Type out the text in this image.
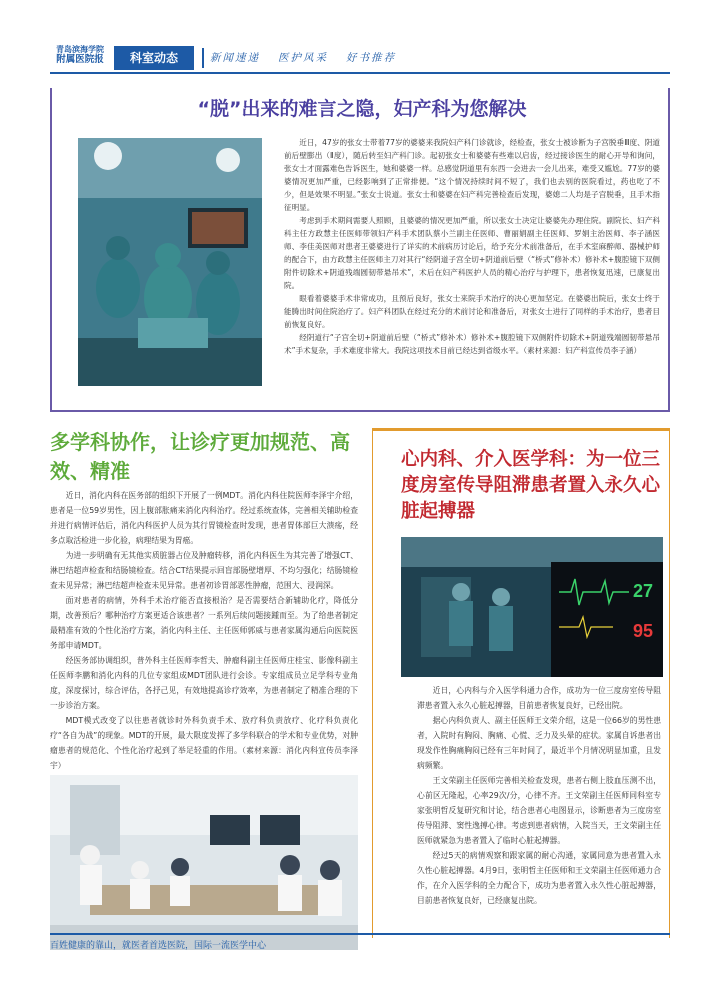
青岛滨海学院
附属医院报	科室动态	新闻速递 医护风采 好书推荐
“脱”出来的难言之隐，妇产科为您解决

近日，47岁的张女士带着77岁的婆婆来我院妇产科门诊就诊，经检查，张女士被诊断为子宫脱垂Ⅲ度、阴道前后壁膨出（Ⅱ度），随后转至妇产科门诊。起初张女士和婆婆有些难以启齿，经过接诊医生的耐心开导和询问，张女士才面露难色告诉医生，她和婆婆一样。总感觉阴道里有东西一会进去一会儿出来，难受又尴尬。77岁的婆婆情况更加严重，已经影响到了正常排便。“这个情况持续时间不短了，我们也去别的医院看过，药也吃了不少，但是效果不明显。”张女士说道。张女士和婆婆在妇产科完善检查后发现，婆媳二人均是子宫脱垂，且手术指征明显。

考虑到手术期间需要人照顾，且婆婆的情况更加严重，所以张女士决定让婆婆先办理住院。副院长、妇产科科主任方政慧主任医师带领妇产科手术团队蔡小兰副主任医师、曹丽娟副主任医师、罗娟主治医师、李子涵医师、李佳美医师对患者王婆婆进行了详实的术前病历讨论后，给予充分术前准备后，在手术室麻醉师、器械护师的配合下，由方政慧主任医师主刀对其行“经阴道子宫全切+阴道前后壁（“桥式”修补术）修补术+腹腔镜下双侧附件切除术+阴道残端圆韧带悬吊术”，术后在妇产科医护人员的精心治疗与护理下，患者恢复迅速，已康复出院。

眼看着婆婆手术非常成功，且预后良好，张女士来院手术治疗的决心更加坚定。在婆婆出院后，张女士终于能腾出时间住院治疗了。妇产科团队在经过充分的术前讨论和准备后，对张女士进行了同样的手术治疗，患者目前恢复良好。

经阴道行“子宫全切+阴道前后壁（“桥式”修补术）修补术+腹腔镜下双侧附件切除术+阴道残端圆韧带悬吊术”手术复杂，手术难度非常大。我院这项技术目前已经达到省级水平。（素材来源：妇产科宣传员李子涵）

多学科协作，让诊疗更加规范、高效、精准

近日，消化内科在医务部的组织下开展了一例MDT。消化内科住院医师李泽宇介绍，患者是一位59岁男性，因上腹部胀痛来消化内科治疗。经过系统查体，完善相关辅助检查并进行病情评估后，消化内科医护人员为其行胃镜检查时发现，患者胃体部巨大溃疡，经多点取活检进一步化验，病理结果为胃癌。

为进一步明确有无其他实质脏器占位及肿瘤转移，消化内科医生为其完善了增强CT、淋巴结超声检查和结肠镜检查。结合CT结果提示回盲部肠壁增厚、不均匀强化；结肠镜检查未见异常；淋巴结超声检查未见异常。患者初诊胃部恶性肿瘤，范围大、浸润深。

面对患者的病情，外科手术治疗能否直接根治？是否需要结合新辅助化疗，降低分期，改善预后？哪种治疗方案更适合该患者？一系列后续问题接踵而至。为了给患者制定最精准有效的个性化治疗方案，消化内科主任、主任医师郭威与患者家属沟通后向医院医务部申请MDT。

经医务部协调组织，普外科主任医师李哲夫、肿瘤科副主任医师庄桂宝、影像科副主任医师李鹏和消化内科的几位专家组成MDT团队进行会诊。专家组成员立足学科专业角度，深度探讨，综合评估，各抒己见，有效地提高诊疗效率，为患者制定了精准合理的下一步诊治方案。

MDT模式改变了以往患者就诊时外科负责手术、放疗科负责放疗、化疗科负责化疗“各自为战”的现象。MDT的开展，最大限度发挥了多学科联合的学术和专业优势，对肿瘤患者的规范化、个性化治疗起到了举足轻重的作用。（素材来源：消化内科宣传员李泽宇）

心内科、介入医学科：为一位三度房室传导阻滞患者置入永久心脏起搏器
27
95

近日，心内科与介入医学科通力合作，成功为一位三度房室传导阻滞患者置入永久心脏起搏器，目前患者恢复良好，已经出院。

据心内科负责人、副主任医师王文荣介绍，这是一位66岁的男性患者，入院时有胸闷、胸痛、心慌、乏力及头晕的症状。家属自诉患者出现发作性胸痛胸闷已经有三年时间了，最近半个月情况明显加重，且发病频繁。

王文荣副主任医师完善相关检查发现，患者右侧上肢血压测不出，心前区无隆起，心率29次/分，心律不齐。王文荣副主任医师同科室专家张明哲反复研究和讨论，结合患者心电图显示，诊断患者为三度房室传导阻滞、窦性逸搏心律。考虑到患者病情，入院当天，王文荣副主任医师就紧急为患者置入了临时心脏起搏器。

经过5天的病情观察和跟家属的耐心沟通，家属同意为患者置入永久性心脏起搏器。4月9日，张明哲主任医师和王文荣副主任医师通力合作，在介入医学科的全力配合下，成功为患者置入永久性心脏起搏器，目前患者恢复良好，已经康复出院。

百姓健康的靠山，就医者首选医院，国际一流医学中心
